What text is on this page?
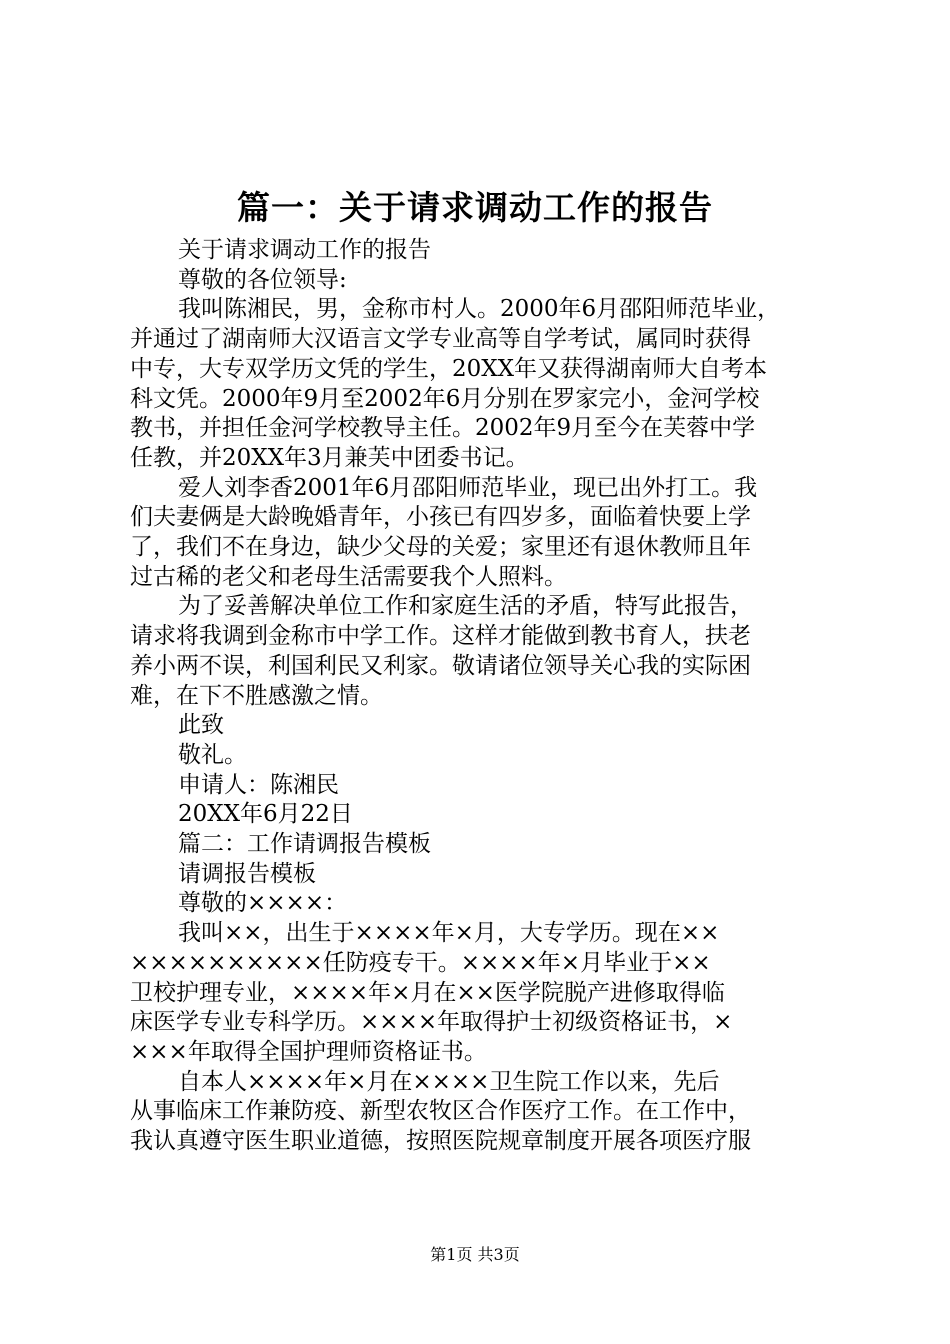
篇一：关于请求调动工作的报告
关于请求调动工作的报告
尊敬的各位领导:
我叫陈湘民，男，金称市村人。2000年6月邵阳师范毕业，
并通过了湖南师大汉语言文学专业高等自学考试，属同时获得
中专，大专双学历文凭的学生，20XX年又获得湖南师大自考本
科文凭。2000年9月至2002年6月分别在罗家完小，金河学校
教书，并担任金河学校教导主任。2002年9月至今在芙蓉中学
任教，并20XX年3月兼芙中团委书记。
爱人刘李香2001年6月邵阳师范毕业，现已出外打工。我
们夫妻俩是大龄晚婚青年，小孩已有四岁多，面临着快要上学
了，我们不在身边，缺少父母的关爱；家里还有退休教师且年
过古稀的老父和老母生活需要我个人照料。
为了妥善解决单位工作和家庭生活的矛盾，特写此报告，
请求将我调到金称市中学工作。这样才能做到教书育人，扶老
养小两不误，利国利民又利家。敬请诸位领导关心我的实际困
难，在下不胜感激之情。
此致
敬礼。
申请人：陈湘民
20XX年6月22日
篇二：工作请调报告模板
请调报告模板
尊敬的××××：
我叫××，出生于××××年×月，大专学历。现在××
××××××××××任防疫专干。××××年×月毕业于××
卫校护理专业，××××年×月在××医学院脱产进修取得临
床医学专业专科学历。××××年取得护士初级资格证书，×
×××年取得全国护理师资格证书。
自本人××××年×月在××××卫生院工作以来，先后
从事临床工作兼防疫、新型农牧区合作医疗工作。在工作中，
我认真遵守医生职业道德，按照医院规章制度开展各项医疗服
第1页 共3页
